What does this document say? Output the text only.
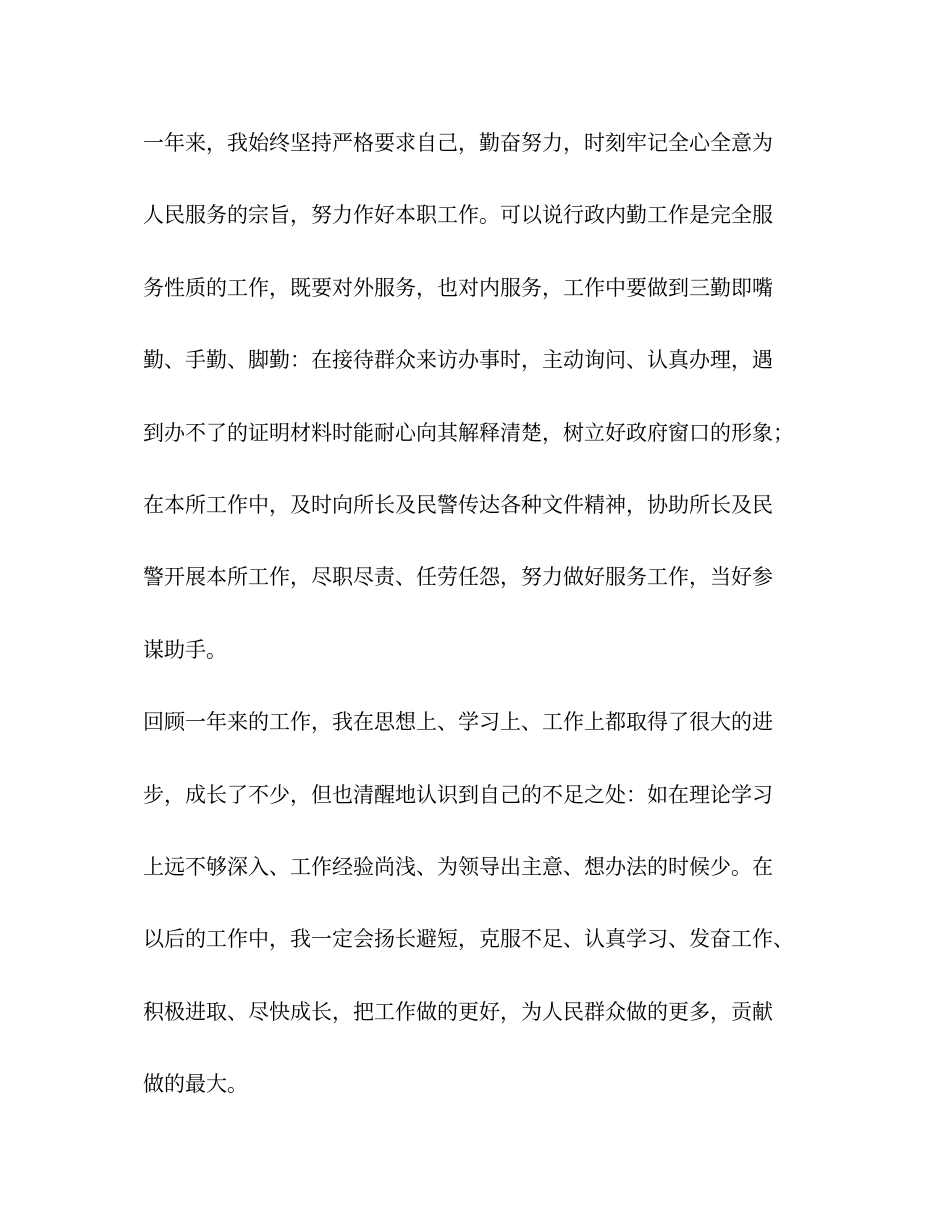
一年来，我始终坚持严格要求自己，勤奋努力，时刻牢记全心全意为
人民服务的宗旨，努力作好本职工作。可以说行政内勤工作是完全服
务性质的工作，既要对外服务，也对内服务，工作中要做到三勤即嘴
勤、手勤、脚勤：在接待群众来访办事时，主动询问、认真办理，遇
到办不了的证明材料时能耐心向其解释清楚，树立好政府窗口的形象；
在本所工作中，及时向所长及民警传达各种文件精神，协助所长及民
警开展本所工作，尽职尽责、任劳任怨，努力做好服务工作，当好参
谋助手。
回顾一年来的工作，我在思想上、学习上、工作上都取得了很大的进
步，成长了不少，但也清醒地认识到自己的不足之处：如在理论学习
上远不够深入、工作经验尚浅、为领导出主意、想办法的时候少。在
以后的工作中，我一定会扬长避短，克服不足、认真学习、发奋工作、
积极进取、尽快成长，把工作做的更好，为人民群众做的更多，贡献
做的最大。
